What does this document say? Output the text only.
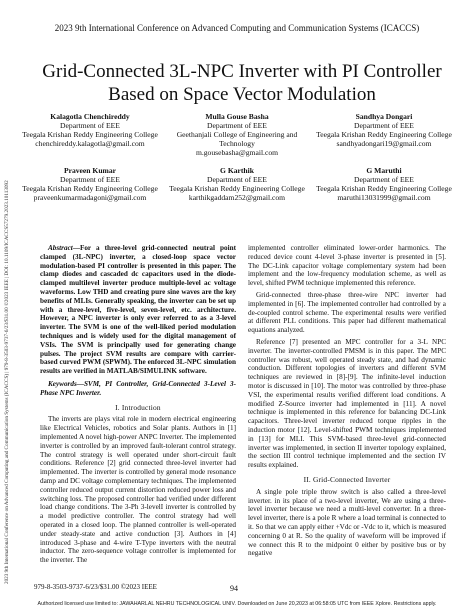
2023 9th International Conference on Advanced Computing and Communication Systems (ICACCS)
2023 9th International Conference on Advanced Computing and Communication Systems (ICACCS) | 979-8-3503-9737-6/23/$31.00 ©2023 IEEE | DOI: 10.1109/ICACCS57279.2023.10113092
Grid-Connected 3L-NPC Inverter with PI Controller Based on Space Vector Modulation
Kalagotla Chenchireddy
Department of EEE
Teegala Krishan Reddy Engineering College
chenchireddy.kalagotla@gmail.com
Mulla Gouse Basha
Department of EEE
Geethanjali College of Engineering and Technology
m.gousebasha@gmail.com
Sandhya Dongari
Department of EEE
Teegala Krishan Reddy Engineering College
sandhyadongari19@gmail.com
Praveen Kumar
Department of EEE
Teegala Krishan Reddy Engineering College
praveenkumarmadagoni@gmail.com
G Karthik
Department of EEE
Teegala Krishan Reddy Engineering College
karthikgaddam252@gmail.com
G Maruthi
Department of EEE
Teegala Krishan Reddy Engineering College
maruthi13031999@gmail.com

Abstract—For a three-level grid-connected neutral point clamped (3L-NPC) inverter, a closed-loop space vector modulation-based PI controller is presented in this paper. The clamp diodes and cascaded dc capacitors used in the diode-clamped multilevel inverter produce multiple-level ac voltage waveforms. Low THD and creating pure sine waves are the key benefits of MLIs. Generally speaking, the inverter can be set up with a three-level, five-level, seven-level, etc. architecture. However, a NPC inverter is only ever referred to as a 3-level inverter. The SVM is one of the well-liked period modulation techniques and is widely used for the digital management of VSIs. The SVM is principally used for generating change pulses. The project SVM results are compare with carrier-based curved PWM (SPWM). The enforced 3L-NPC simulation results are verified in MATLAB/SIMULINK software.

Keywords—SVM, PI Controller, Grid-Connected 3-Level 3-Phase NPC Inverter.

I. Introduction

The inverts are plays vital role in modern electrical engineering like Electrical Vehicles, robotics and Solar plants. Authors in [1] implemented A novel high-power ANPC Inverter. The implemented inverter is controlled by an improved fault-tolerant control strategy. The control strategy is well operated under short-circuit fault conditions. Reference [2] grid connected three-level inverter had implemented. The inverter is controlled by general mode resonance damp and DC voltage complementary techniques. The implemented controller reduced output current distortion reduced power loss and switching loss. The proposed controller had verified under different load change conditions. The 3-Ph 3-levelI inverter is controlled by a model predictive controller. The control strategy had well operated in a closed loop. The planned controller is well-operated under steady-state and active conduction [3]. Authors in [4] introduced 3-phase and 4-wire T-Type inverters with the neutral inductor. The zero-sequence voltage controller is implemented for the inverter. The

implemented controller eliminated lower-order harmonics. The reduced device count 4-level 3-phase inverter is presented in [5]. The DC-Link capacitor voltage complementary system had been implement and the low-frequency modulation scheme, as well as level, shifted PWM technique implemented this reference.

Grid-connected three-phase three-wire NPC inverter had implemented in [6]. The implemented controller had controlled by a de-coupled control scheme. The experimental results were verified at different PLL conditions. This paper had different mathematical equations analyzed.

Reference [7] presented an MPC controller for a 3-L NPC inverter. The inverter-controlled PMSM is in this paper. The MPC controller was robust, well operated steady state, and had dynamic conduction. Different topologies of inverters and different SVM techniques are reviewed in [8]-[9]. The infinite-level induction motor is discussed in [10]. The motor was controlled by three-phase VSI, the experimental results verified different load conditions. A modified Z-Source inverter had implemented in [11]. A novel technique is implemented in this reference for balancing DC-Link capacitors. Three-level inverter reduced torque ripples in the induction motor [12]. Level-shifted PWM techniques implemented in [13] for MLI. This SVM-based three-level grid-connected inverter was implemented, in section II inverter topology explained, the section III control technique implemented and the section IV results explained.

II. Grid-Connected Inverter

A single pole triple throw switch is also called a three-level inverter. in its place of a two-level inverter, We are using a three-level inverter because we need a multi-level converter. In a three-level inverter, there is a pole R where a load terminal is connected to it. So that we can apply either +Vdc or -Vdc to it, which is measured concerning 0 at R. So the quality of waveform will be improved if we connect this R to the midpoint 0 either by positive bus or by negative

979-8-3503-9737-6/23/$31.00 ©2023 IEEE	94
Authorized licensed use limited to: JAWAHARLAL NEHRU TECHNOLOGICAL UNIV. Downloaded on June 20,2023 at 06:58:05 UTC from IEEE Xplore. Restrictions apply.
